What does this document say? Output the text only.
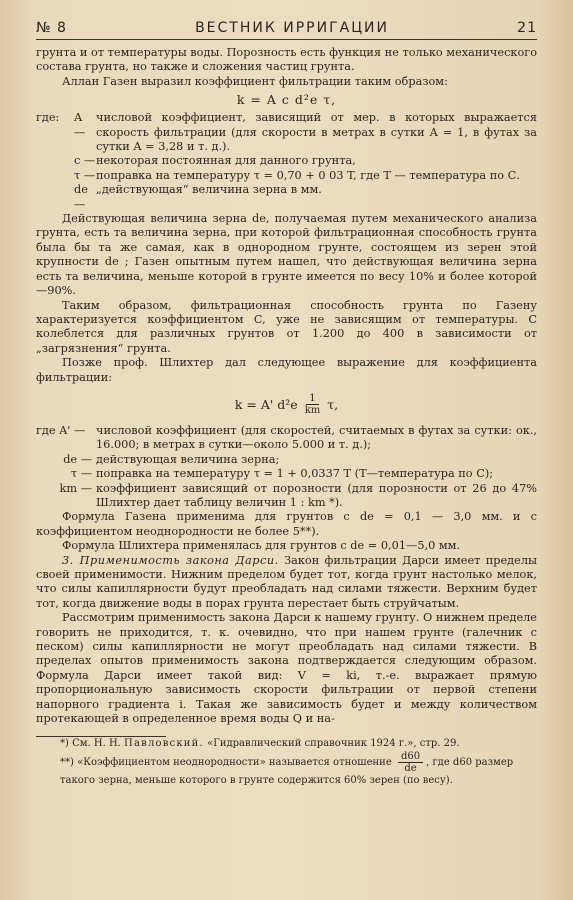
№ 8	ВЕСТНИК ИРРИГАЦИИ	21

грунта и от температуры воды. Порозность есть функция не только механического состава грунта, но также и сложения частиц грунта.

Аллан Газен выразил коэффициент фильтрации таким образом:

k = A c d²e τ,
где:	A —
числовой коэффициент, зависящий от мер. в которых выражается скорость фильтрации (для скорости в метрах в сутки A = 1, в футах за сутки A = 3,28 и т. д.).
c — некоторая постоянная для данного грунта,
τ — поправка на температуру τ = 0,70 + 0 03 T, где T — температура по С.
de —
„действующая“ величина зерна в мм.

Действующая величина зерна de, получаемая путем механического анализа грунта, есть та величина зерна, при которой фильтрационная способность грунта была бы та же самая, как в однородном грунте, состоящем из зерен этой крупности de ; Газен опытным путем нашел, что действующая величина зерна есть та величина, меньше которой в грунте имеется по весу 10% и более которой—90%.

Таким образом, фильтрационная способность грунта по Газену характеризуется коэффициентом C, уже не зависящим от температуры. C колеблется для различных грунтов от 1.200 до 400 в зависимости от „загрязнения“ грунта.

Позже проф. Шлихтер дал следующее выражение для коэффициента фильтрации:

k = A' $d^2e \frac{1}{km} \tau$,
где A' — числовой коэффициент (для скоростей, считаемых в футах за сутки: ок., 16.000; в метрах в сутки—около 5.000 и т. д.);
de — действующая величина зерна;
τ — поправка на температуру τ = 1 + 0,0337 T (T—температура по С);
km — коэффициент зависящий от порозности (для порозности от 26 до 47% Шлихтер дает таблицу величин 1 : km *).

Формула Газена применима для грунтов с de = 0,1 — 3,0 мм. и с коэффициентом неоднородности не более 5**).

Формула Шлихтера применялась для грунтов с de = 0,01—5,0 мм.

3. Применимость закона Дарси. Закон фильтрации Дарси имеет пределы своей применимости. Нижним пределом будет тот, когда грунт настолько мелок, что силы капиллярности будут преобладать над силами тяжести. Верхним будет тот, когда движение воды в порах грунта перестает быть струйчатым.

Рассмотрим применимость закона Дарси к нашему грунту. О нижнем пределе говорить не приходится, т. к. очевидно, что при нашем грунте (галечник с песком) силы капиллярности не могут преобладать над силами тяжести. В пределах опытов применимость закона подтверждается следующим образом. Формула Дарси имеет такой вид: V = ki, т.-е. выражает прямую пропорциональную зависимость скорости фильтрации от первой степени напорного градиента i. Такая же зависимость будет и между количеством протекающей в определенное время воды Q и на-

*) См. Н. Н. Павловский. «Гидравлический справочник 1924 г.», стр. 29.
**) «Коэффициентом неоднородности» называется отношение $\frac{d60}{de}$ , где d60 размер такого зерна, меньше которого в грунте содержится 60% зерен (по весу).
